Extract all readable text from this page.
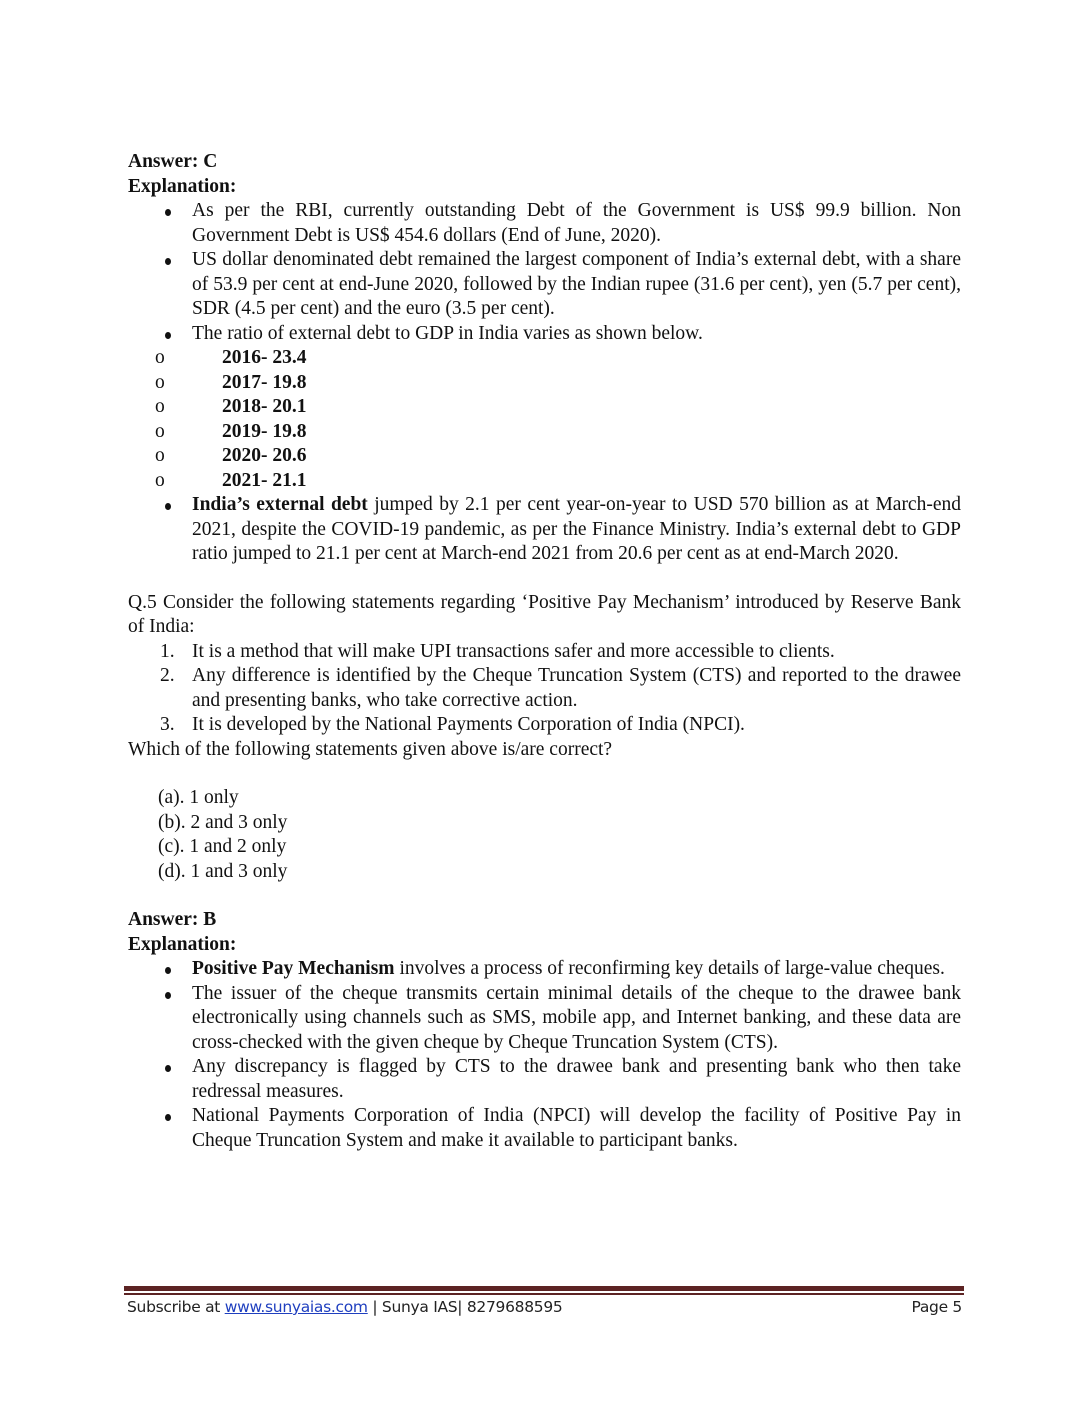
Answer: C
Explanation:
As per the RBI, currently outstanding Debt of the Government is US$ 99.9 billion. Non Government Debt is US$ 454.6 dollars (End of June, 2020).
US dollar denominated debt remained the largest component of India’s external debt, with a share of 53.9 per cent at end-June 2020, followed by the Indian rupee (31.6 per cent), yen (5.7 per cent), SDR (4.5 per cent) and the euro (3.5 per cent).
The ratio of external debt to GDP in India varies as shown below.
o	2016- 23.4
o	2017- 19.8
o	2018- 20.1
o	2019- 19.8
o	2020- 20.6
o	2021- 21.1
India’s external debt jumped by 2.1 per cent year-on-year to USD 570 billion as at March-end 2021, despite the COVID-19 pandemic, as per the Finance Ministry. India’s external debt to GDP ratio jumped to 21.1 per cent at March-end 2021 from 20.6 per cent as at end-March 2020.
Q.5 Consider the following statements regarding ‘Positive Pay Mechanism’ introduced by Reserve Bank of India:
1. It is a method that will make UPI transactions safer and more accessible to clients.
2. Any difference is identified by the Cheque Truncation System (CTS) and reported to the drawee and presenting banks, who take corrective action.
3. It is developed by the National Payments Corporation of India (NPCI).
Which of the following statements given above is/are correct?
(a). 1 only
(b). 2 and 3 only
(c). 1 and 2 only
(d). 1 and 3 only
Answer: B
Explanation:
Positive Pay Mechanism involves a process of reconfirming key details of large-value cheques.
The issuer of the cheque transmits certain minimal details of the cheque to the drawee bank electronically using channels such as SMS, mobile app, and Internet banking, and these data are cross-checked with the given cheque by Cheque Truncation System (CTS).
Any discrepancy is flagged by CTS to the drawee bank and presenting bank who then take redressal measures.
National Payments Corporation of India (NPCI) will develop the facility of Positive Pay in Cheque Truncation System and make it available to participant banks.
Subscribe at www.sunyaias.com | Sunya IAS| 8279688595	Page 5
